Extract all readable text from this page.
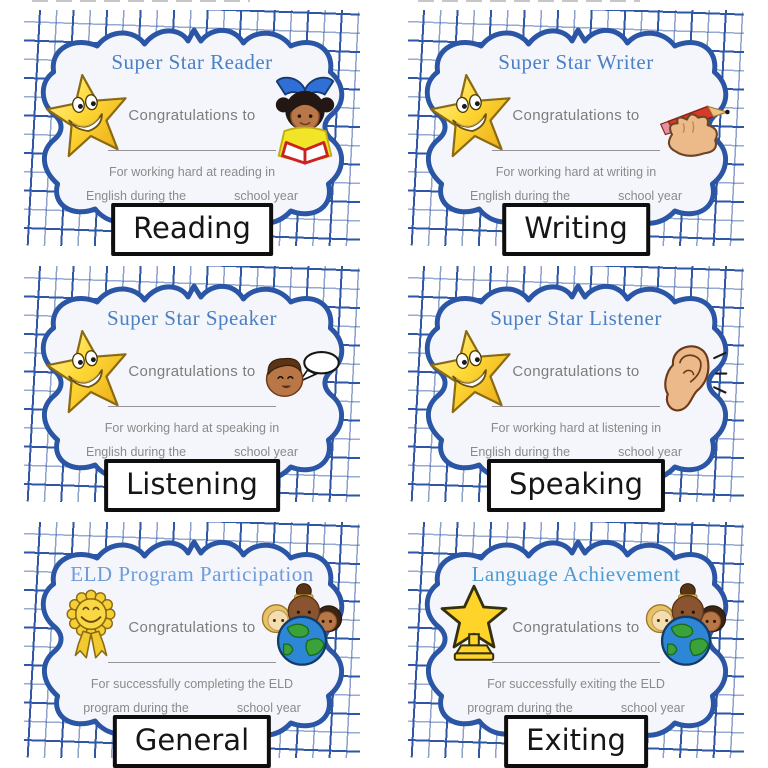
Super Star Reader
Congratulations to
For working hard at reading in
English during the	school year
Reading
Super Star Writer
Congratulations to
For working hard at writing in
English during the	school year
Writing
Super Star Speaker
Congratulations to
For working hard at speaking in
English during the	school year
Listening
Super Star Listener
Congratulations to
For working hard at listening in
English during the	school year
Speaking
ELD Program Participation
Congratulations to
For successfully completing the ELD
program during the	school year
General
Language Achievement
Congratulations to
For successfully exiting the ELD
program during the	school year
Exiting
